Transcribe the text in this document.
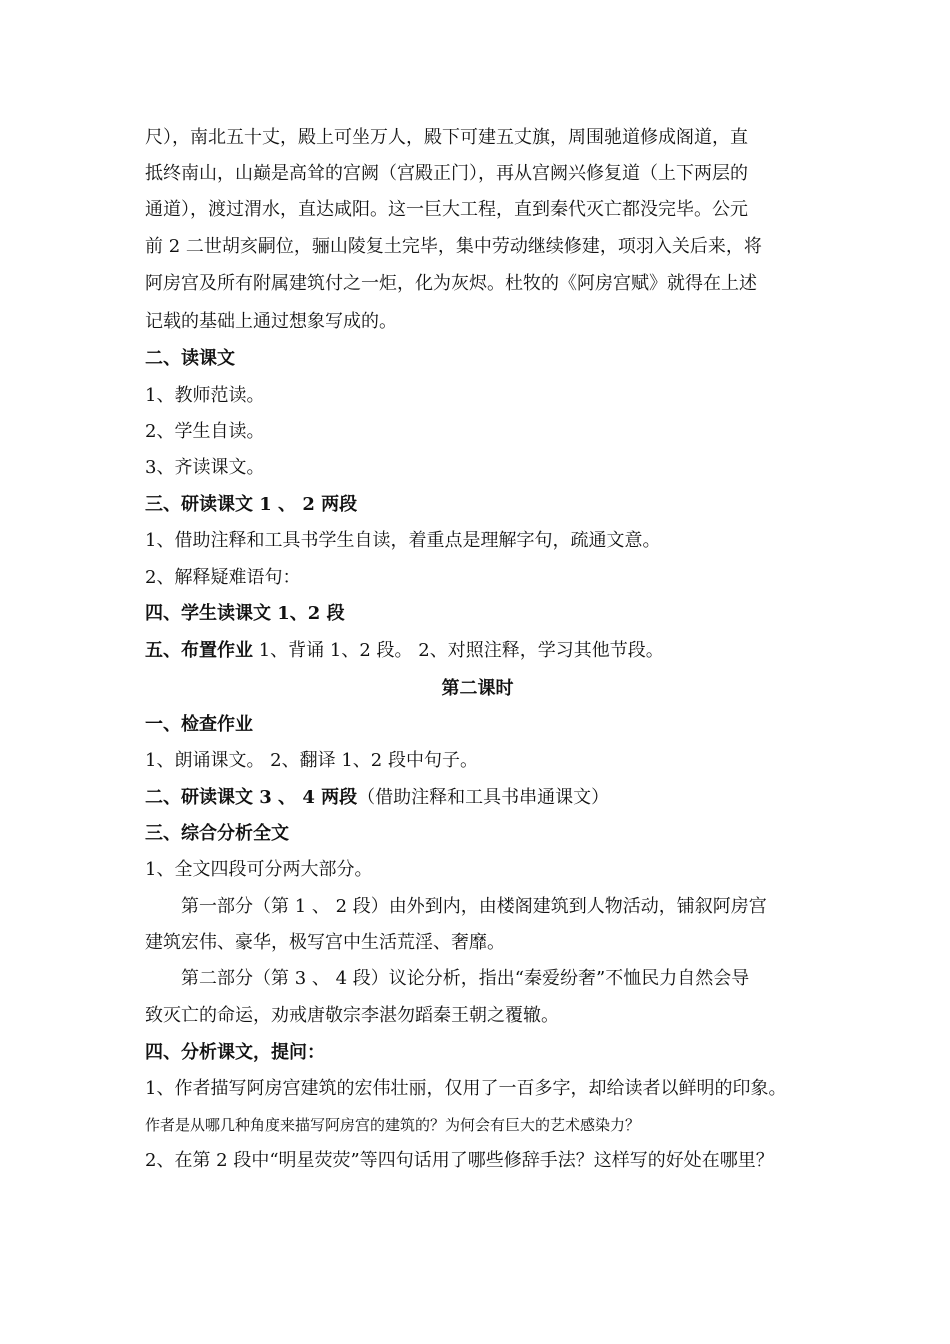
尺），南北五十丈，殿上可坐万人，殿下可建五丈旗，周围驰道修成阁道，直
抵终南山，山巅是高耸的宫阙（宫殿正门），再从宫阙兴修复道（上下两层的
通道），渡过渭水，直达咸阳。这一巨大工程，直到秦代灭亡都没完毕。公元
前 2 二世胡亥嗣位，骊山陵复土完毕，集中劳动继续修建，项羽入关后来，将
阿房宫及所有附属建筑付之一炬，化为灰烬。杜牧的《阿房宫赋》就得在上述
记载的基础上通过想象写成的。
二、读课文
1、教师范读。
2、学生自读。
3、齐读课文。
三、研读课文 1 、 2 两段
1、借助注释和工具书学生自读，着重点是理解字句，疏通文意。
2、解释疑难语句：
四、学生读课文 1、2 段
五、布置作业 1、背诵 1、2 段。 2、对照注释，学习其他节段。
第二课时
一、检查作业
1、朗诵课文。 2、翻译 1、2 段中句子。
二、研读课文 3 、 4 两段（借助注释和工具书串通课文）
三、综合分析全文
1、全文四段可分两大部分。
第一部分（第 1 、 2 段）由外到内，由楼阁建筑到人物活动，铺叙阿房宫
建筑宏伟、豪华，极写宫中生活荒淫、奢靡。
第二部分（第 3 、 4 段）议论分析，指出“秦爱纷奢”不恤民力自然会导
致灭亡的命运，劝戒唐敬宗李湛勿蹈秦王朝之覆辙。
四、分析课文，提问：
1、作者描写阿房宫建筑的宏伟壮丽，仅用了一百多字，却给读者以鲜明的印象。
作者是从哪几种角度来描写阿房宫的建筑的？为何会有巨大的艺术感染力？
2、在第 2 段中“明星荧荧”等四句话用了哪些修辞手法？这样写的好处在哪里？
